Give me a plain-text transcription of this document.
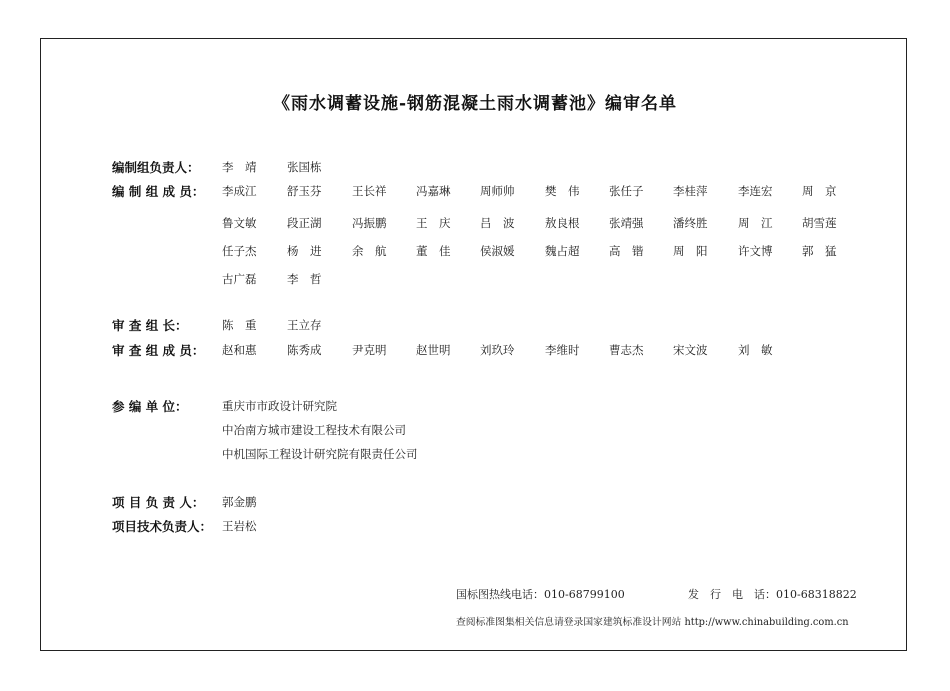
《雨水调蓄设施-钢筋混凝土雨水调蓄池》编审名单
编制组负责人：	李　靖	张国栋
编 制 组 成 员：	李成江	舒玉芬	王长祥	冯嘉琳	周师帅	樊　伟	张任子	李桂萍	李连宏	周　京
鲁文敏	段正湖	冯振鹏	王　庆	吕　波	敖良根	张靖强	潘终胜	周　江	胡雪莲
任子杰	杨　进	余　航	董　佳	侯淑媛	魏占超	高　锴	周　阳	许文博	郭　猛
古广磊	李　哲
审 查 组 长：	陈　重	王立存
审 查 组 成 员：	赵和惠	陈秀成	尹克明	赵世明	刘玖玲	李维时	曹志杰	宋文波	刘　敏
参 编 单 位：	重庆市市政设计研究院
中冶南方城市建设工程技术有限公司
中机国际工程设计研究院有限责任公司
项 目 负 责 人：	郭金鹏
项目技术负责人： 王岩松
国标图热线电话：010-68799100	发　行　电　话：010-68318822
查阅标准图集相关信息请登录国家建筑标准设计网站 http://www.chinabuilding.com.cn
